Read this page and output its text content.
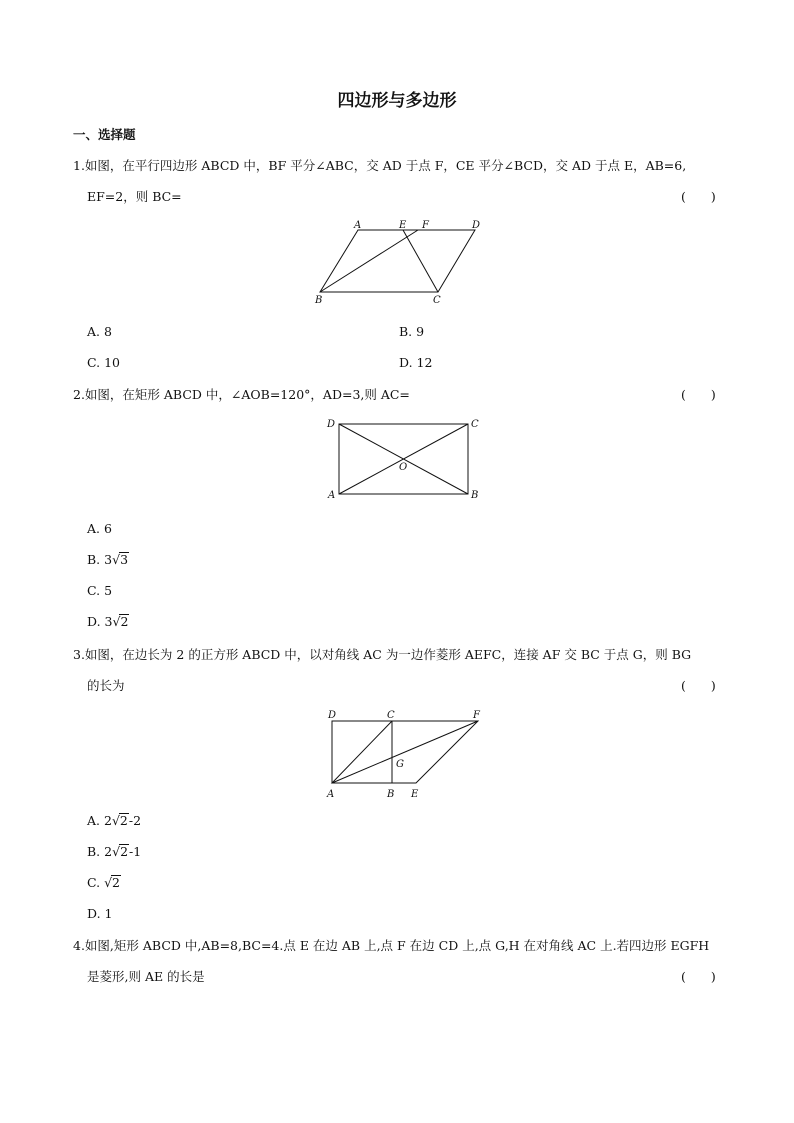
四边形与多边形
一、选择题
1.如图，在平行四边形 ABCD 中，BF 平分∠ABC，交 AD 于点 F，CE 平分∠BCD，交 AD 于点 E，AB=6,
EF=2，则 BC=	(　　)
A	E F	D
B	C
A. 8	B. 9
C. 10	D. 12
2.如图，在矩形 ABCD 中，∠AOB=120°，AD=3,则 AC=	(　　)
D	C
O
A	B
A. 6
B. 3√3
C. 5
D. 3√2
3.如图，在边长为 2 的正方形 ABCD 中，以对角线 AC 为一边作菱形 AEFC，连接 AF 交 BC 于点 G，则 BG
的长为	(　　)
D	C	F
G
A	B E
A. 2√2-2
B. 2√2-1
C. √2
D. 1
4.如图,矩形 ABCD 中,AB=8,BC=4.点 E 在边 AB 上,点 F 在边 CD 上,点 G,H 在对角线 AC 上.若四边形 EGFH
是菱形,则 AE 的长是	(　　)
